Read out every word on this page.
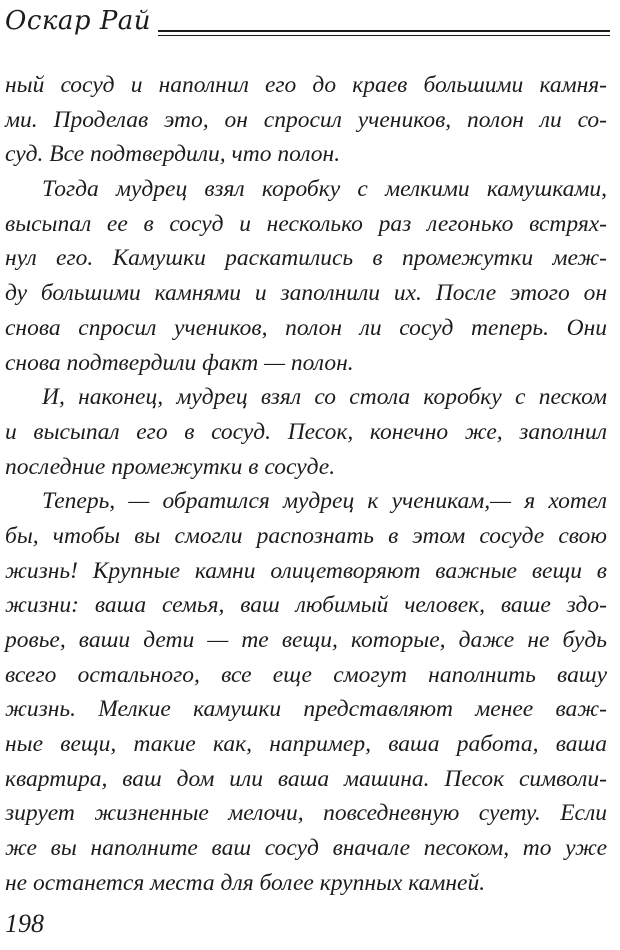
Оскар Рай
ный сосуд и наполнил его до краев большими камня-
ми. Проделав это, он спросил учеников, полон ли со-
суд. Все подтвердили, что полон.
Тогда мудрец взял коробку с мелкими камушками,
высыпал ее в сосуд и несколько раз легонько встрях-
нул его. Камушки раскатились в промежутки меж-
ду большими камнями и заполнили их. После этого он
снова спросил учеников, полон ли сосуд теперь. Они
снова подтвердили факт — полон.
И, наконец, мудрец взял со стола коробку с песком
и высыпал его в сосуд. Песок, конечно же, заполнил
последние промежутки в сосуде.
Теперь, — обратился мудрец к ученикам,— я хотел
бы, чтобы вы смогли распознать в этом сосуде свою
жизнь! Крупные камни олицетворяют важные вещи в
жизни: ваша семья, ваш любимый человек, ваше здо-
ровье, ваши дети — те вещи, которые, даже не будь
всего остального, все еще смогут наполнить вашу
жизнь. Мелкие камушки представляют менее важ-
ные вещи, такие как, например, ваша работа, ваша
квартира, ваш дом или ваша машина. Песок символи-
зирует жизненные мелочи, повседневную суету. Если
же вы наполните ваш сосуд вначале песоком, то уже
не останется места для более крупных камней.
198
